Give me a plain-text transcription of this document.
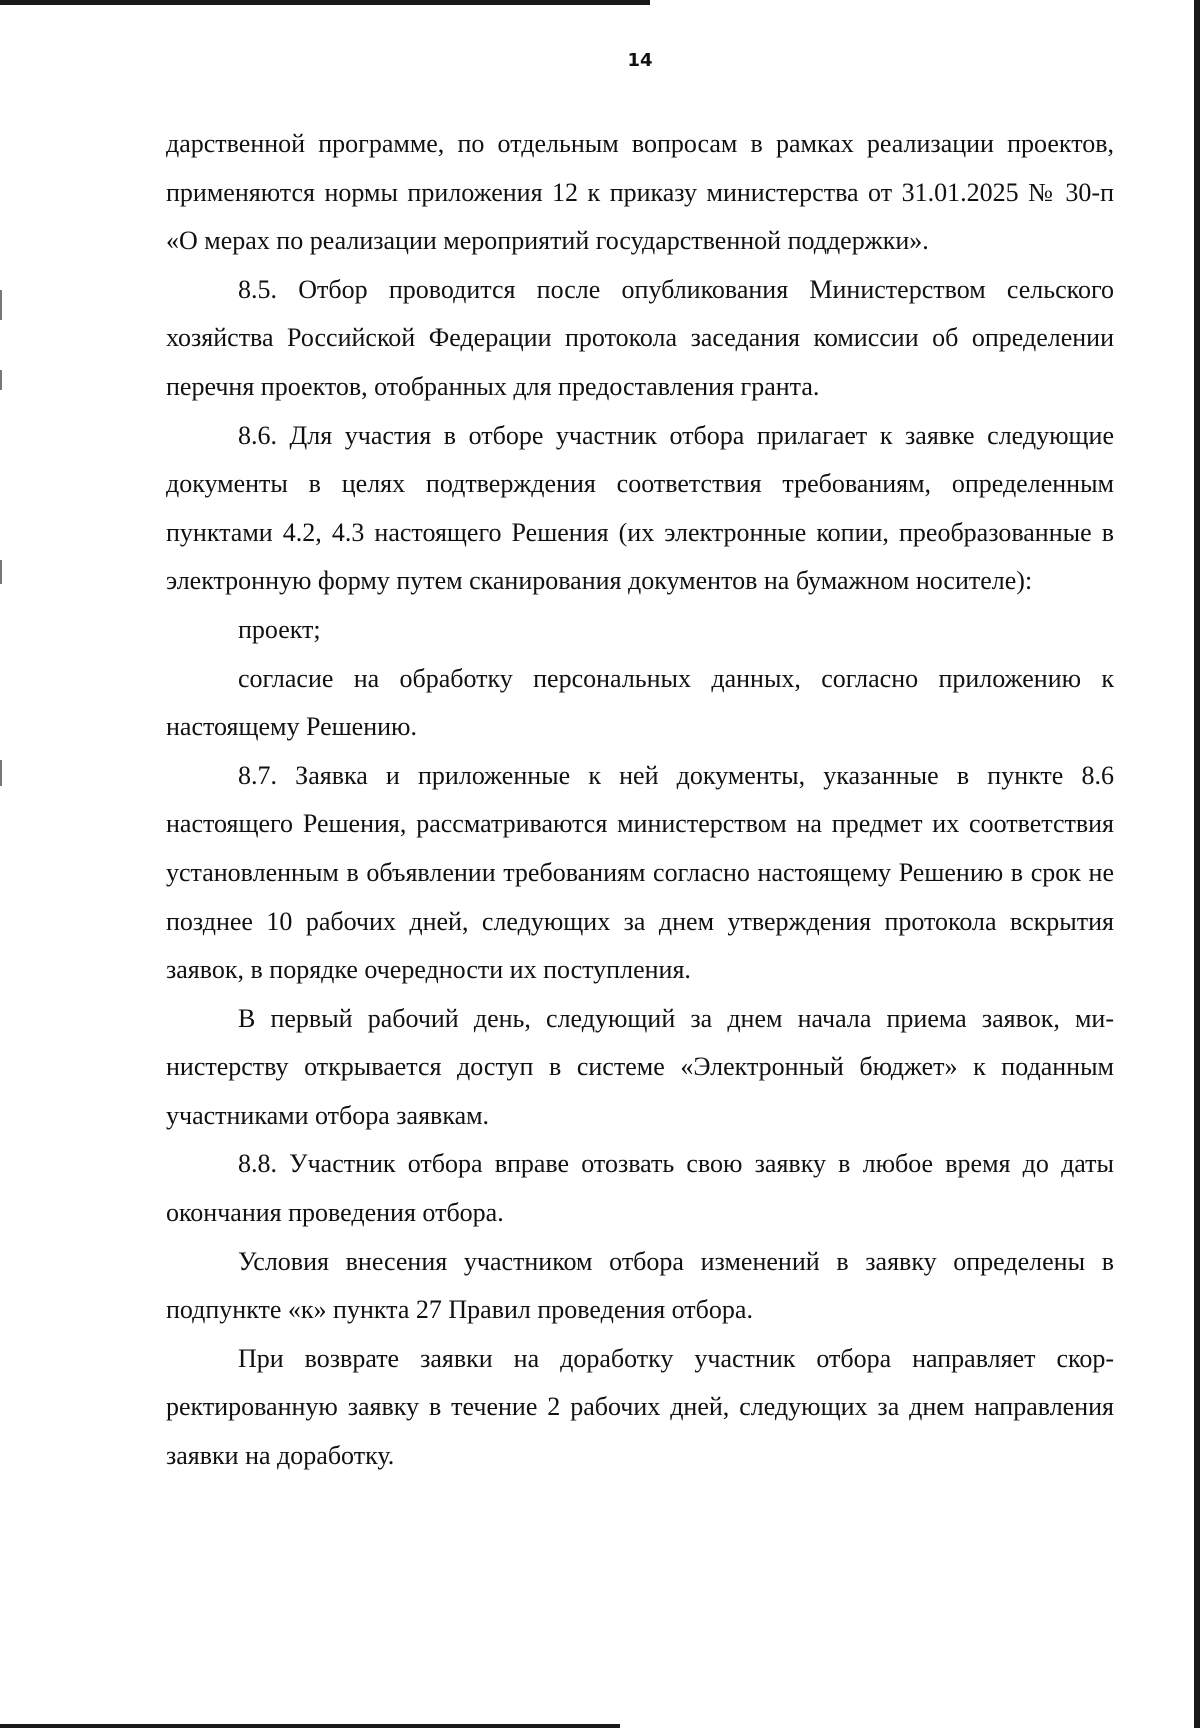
14

дарственной программе, по отдельным вопросам в рамках реализации проектов, применяются нормы приложения 12 к приказу министерства от 31.01.2025 № 30-п «О мерах по реализации мероприятий государственной поддержки».

8.5. Отбор проводится после опубликования Министерством сельского хозяйства Российской Федерации протокола заседания комиссии об определении перечня проектов, отобранных для предоставления гранта.

8.6. Для участия в отборе участник отбора прилагает к заявке следующие документы в целях подтверждения соответствия требованиям, определенным пунктами 4.2, 4.3 настоящего Решения (их электронные копии, преобразованные в электронную форму путем сканирования документов на бумажном носителе):

проект;

согласие на обработку персональных данных, согласно приложению к настоящему Решению.

8.7. Заявка и приложенные к ней документы, указанные в пункте 8.6 настоящего Решения, рассматриваются министерством на предмет их соответствия установленным в объявлении требованиям согласно настоящему Решению в срок не позднее 10 рабочих дней, следующих за днем утверждения протокола вскрытия заявок, в порядке очередности их поступления.

В первый рабочий день, следующий за днем начала приема заявок, министерству открывается доступ в системе «Электронный бюджет» к поданным участниками отбора заявкам.

8.8. Участник отбора вправе отозвать свою заявку в любое время до даты окончания проведения отбора.

Условия внесения участником отбора изменений в заявку определены в подпункте «к» пункта 27 Правил проведения отбора.

При возврате заявки на доработку участник отбора направляет скорректированную заявку в течение 2 рабочих дней, следующих за днем направления заявки на доработку.
